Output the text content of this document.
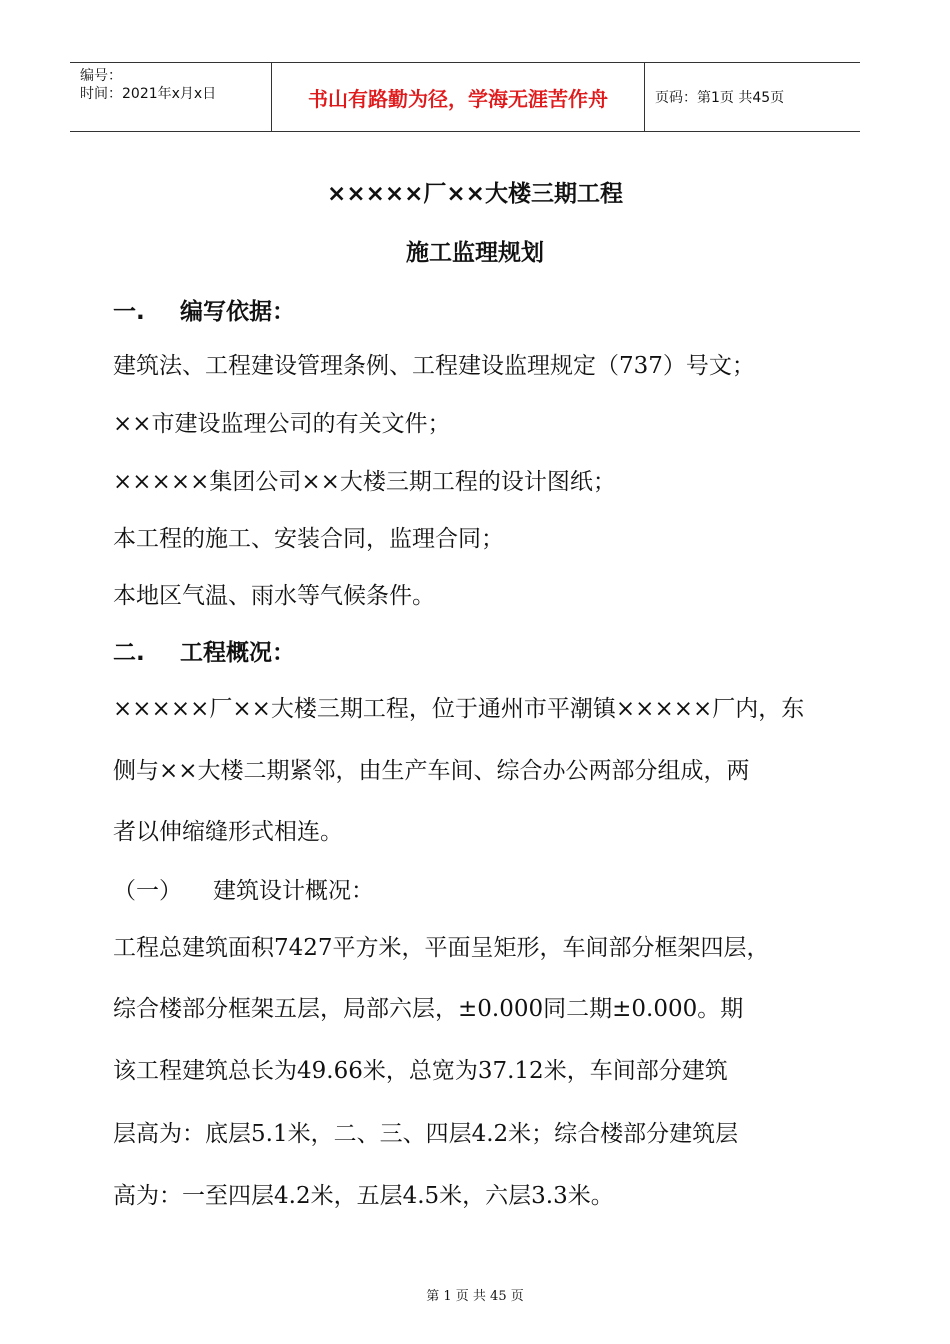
编号：
时间：2021年x月x日	书山有路勤为径，学海无涯苦作舟	页码：第1页 共45页
×××××厂××大楼三期工程
施工监理规划
一. 编写依据：
建筑法、工程建设管理条例、工程建设监理规定（737）号文；
××市建设监理公司的有关文件；
×××××集团公司××大楼三期工程的设计图纸；
本工程的施工、安装合同，监理合同；
本地区气温、雨水等气候条件。
二. 工程概况：
×××××厂××大楼三期工程，位于通州市平潮镇×××××厂内，东
侧与××大楼二期紧邻，由生产车间、综合办公两部分组成，两
者以伸缩缝形式相连。
（一） 建筑设计概况：
工程总建筑面积7427平方米，平面呈矩形，车间部分框架四层，
综合楼部分框架五层，局部六层，±0.000同二期±0.000。期
该工程建筑总长为49.66米，总宽为37.12米，车间部分建筑
层高为：底层5.1米，二、三、四层4.2米；综合楼部分建筑层
高为：一至四层4.2米，五层4.5米，六层3.3米。
第 1 页 共 45 页
